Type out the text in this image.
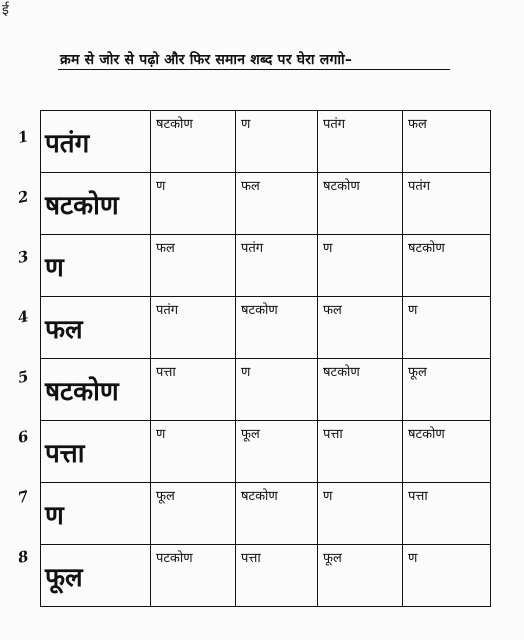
ई
क्रम से जोर से पढ़ो और फिर समान शब्द पर घेरा लगाो–
1
2
3
4
5
6
7
8
पतंग	षटकोण	ण	पतंग	फल
षटकोण	ण	फल	षटकोण	पतंग
ण	फल	पतंग	ण	षटकोण
फल	पतंग	षटकोण	फल	ण
षटकोण	पत्ता	ण	षटकोण	फूल
पत्ता	ण	फूल	पत्ता	षटकोण
ण	फूल	षटकोण	ण	पत्ता
फूल	पटकोण	पत्ता	फूल	ण
